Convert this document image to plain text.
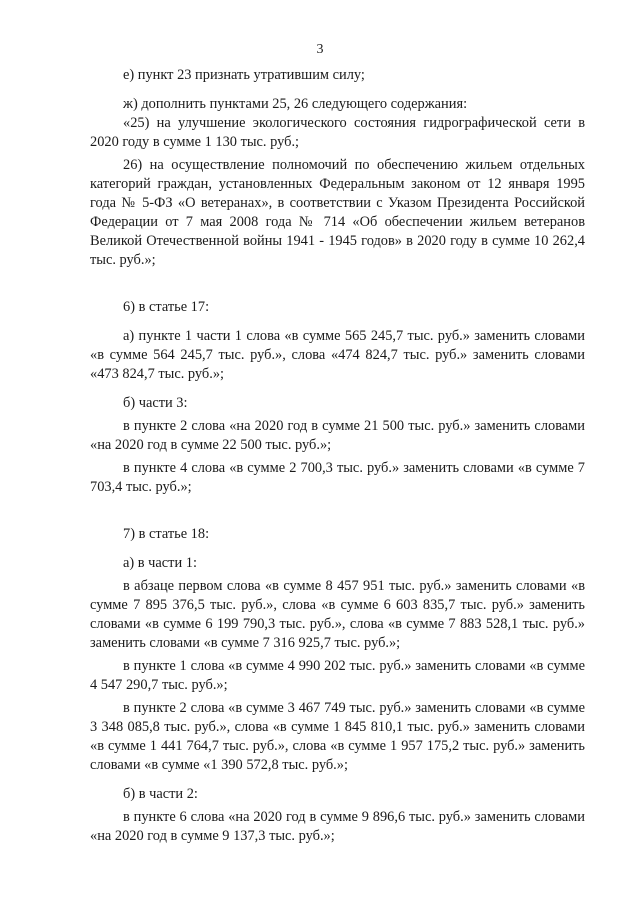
3

е) пункт 23 признать утратившим силу;

ж) дополнить пунктами 25, 26 следующего содержания:

«25) на улучшение экологического состояния гидрографической сети в 2020 году в сумме 1 130 тыс. руб.;

26) на осуществление полномочий по обеспечению жильем отдельных категорий граждан, установленных Федеральным законом от 12 января 1995 года № 5-ФЗ «О ветеранах», в соответствии с Указом Президента Российской Федерации от 7 мая 2008 года № 714 «Об обеспечении жильем ветеранов Великой Отечественной войны 1941 - 1945 годов» в 2020 году в сумме 10 262,4 тыс. руб.»;

6) в статье 17:

а) пункте 1 части 1 слова «в сумме 565 245,7 тыс. руб.» заменить словами «в сумме 564 245,7 тыс. руб.», слова «474 824,7 тыс. руб.» заменить словами «473 824,7 тыс. руб.»;

б) части 3:

в пункте 2 слова «на 2020 год в сумме 21 500 тыс. руб.» заменить словами «на 2020 год в сумме 22 500 тыс. руб.»;

в пункте 4 слова «в сумме 2 700,3 тыс. руб.» заменить словами «в сумме 7 703,4 тыс. руб.»;

7) в статье 18:

а) в части 1:

в абзаце первом слова «в сумме 8 457 951 тыс. руб.» заменить словами «в сумме 7 895 376,5 тыс. руб.», слова «в сумме 6 603 835,7 тыс. руб.» заменить словами «в сумме 6 199 790,3 тыс. руб.», слова «в сумме 7 883 528,1 тыс. руб.» заменить словами «в сумме 7 316 925,7 тыс. руб.»;

в пункте 1 слова «в сумме 4 990 202 тыс. руб.» заменить словами «в сумме 4 547 290,7 тыс. руб.»;

в пункте 2 слова «в сумме 3 467 749 тыс. руб.» заменить словами «в сумме 3 348 085,8 тыс. руб.», слова «в сумме 1 845 810,1 тыс. руб.» заменить словами «в сумме 1 441 764,7 тыс. руб.», слова «в сумме 1 957 175,2 тыс. руб.» заменить словами «в сумме «1 390 572,8 тыс. руб.»;

б) в части 2:

в пункте 6 слова «на 2020 год в сумме 9 896,6 тыс. руб.» заменить словами «на 2020 год в сумме 9 137,3 тыс. руб.»;
